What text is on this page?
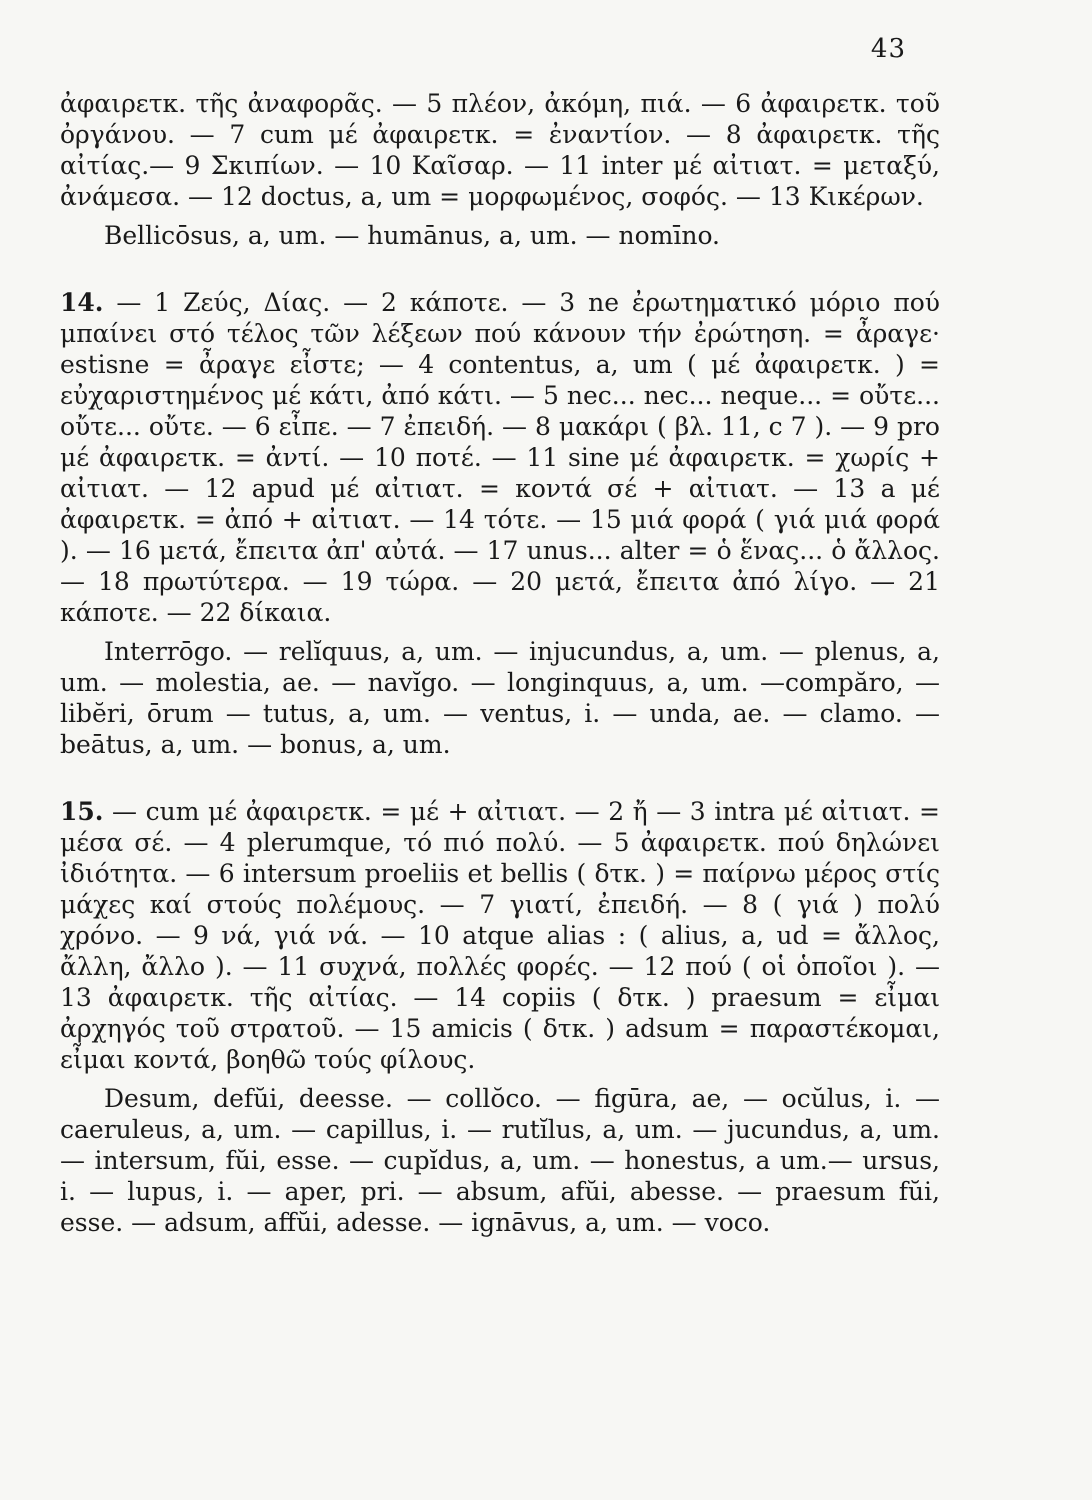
43

ἀφαιρετκ. τῆς ἀναφορᾶς. — 5 πλέον, ἀκόμη, πιά. — 6 ἀφαιρετκ. τοῦ ὀργάνου. — 7 cum μέ ἀφαιρετκ. = ἐναντίον. — 8 ἀφαιρετκ. τῆς αἰτίας.— 9 Σκιπίων. — 10 Καῖσαρ. — 11 inter μέ αἰτιατ. = μεταξύ, ἀνάμεσα. — 12 doctus, a, um = μορφωμένος, σοφός. — 13 Κικέρων.

Bellicōsus, a, um. — humānus, a, um. — nomīno.

14. — 1 Ζεύς, Δίας. — 2 κάποτε. — 3 ne ἐρωτηματικό μόριο πού μπαίνει στό τέλος τῶν λέξεων πού κάνουν τήν ἐρώτηση. = ἆραγε· estisne = ἆραγε εἶστε; — 4 contentus, a, um ( μέ ἀφαιρετκ. ) = εὐχαριστημένος μέ κάτι, ἀπό κάτι. — 5 nec... nec... neque... = οὔτε... οὔτε... οὔτε. — 6 εἶπε. — 7 ἐπειδή. — 8 μακάρι ( βλ. 11, c 7 ). — 9 pro μέ ἀφαιρετκ. = ἀντί. — 10 ποτέ. — 11 sine μέ ἀφαιρετκ. = χωρίς + αἰτιατ. — 12 apud μέ αἰτιατ. = κοντά σέ + αἰτιατ. — 13 a μέ ἀφαιρετκ. = ἀπό + αἰτιατ. — 14 τότε. — 15 μιά φορά ( γιά μιά φορά ). — 16 μετά, ἔπειτα ἀπ' αὐτά. — 17 unus... alter = ὁ ἕνας... ὁ ἄλλος. — 18 πρωτύτερα. — 19 τώρα. — 20 μετά, ἔπειτα ἀπό λίγο. — 21 κάποτε. — 22 δίκαια.

Interrōgo. — relĭquus, a, um. — injucundus, a, um. — plenus, a, um. — molestia, ae. — navĭgo. — longinquus, a, um. —compăro, — libĕri, ōrum — tutus, a, um. — ventus, i. — unda, ae. — clamo. — beātus, a, um. — bonus, a, um.

15. — cum μέ ἀφαιρετκ. = μέ + αἰτιατ. — 2 ἤ — 3 intra μέ αἰτιατ. = μέσα σέ. — 4 plerumque, τό πιό πολύ. — 5 ἀφαιρετκ. πού δηλώνει ἰδιότητα. — 6 intersum proeliis et bellis ( δτκ. ) = παίρνω μέρος στίς μάχες καί στούς πολέμους. — 7 γιατί, ἐπειδή. — 8 ( γιά ) πολύ χρόνο. — 9 νά, γιά νά. — 10 atque alias : ( alius, a, ud = ἄλλος, ἄλλη, ἄλλο ). — 11 συχνά, πολλές φορές. — 12 πού ( οἱ ὁποῖοι ). — 13 ἀφαιρετκ. τῆς αἰτίας. — 14 copiis ( δτκ. ) praesum = εἶμαι ἀρχηγός τοῦ στρατοῦ. — 15 amicis ( δτκ. ) adsum = παραστέκομαι, εἶμαι κοντά, βοηθῶ τούς φίλους.

Desum, defŭi, deesse. — collŏco. — figūra, ae, — ocŭlus, i. — caeruleus, a, um. — capillus, i. — rutĭlus, a, um. — jucundus, a, um. — intersum, fŭi, esse. — cupĭdus, a, um. — honestus, a um.— ursus, i. — lupus, i. — aper, pri. — absum, afŭi, abesse. — praesum fŭi, esse. — adsum, affŭi, adesse. — ignāvus, a, um. — voco.
